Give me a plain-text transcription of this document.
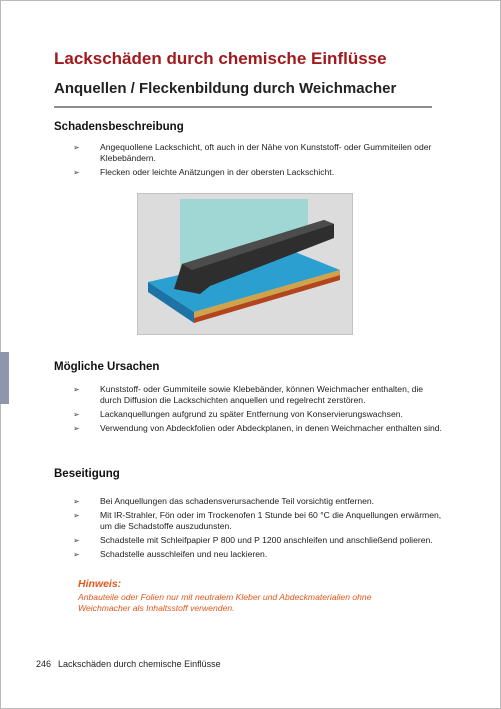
Lackschäden durch chemische Einflüsse
Anquellen / Fleckenbildung durch Weichmacher
Schadensbeschreibung
➢ Angequollene Lackschicht, oft auch in der Nähe von Kunststoff- oder Gummiteilen oder Klebebändern.
➢ Flecken oder leichte Anätzungen in der obersten Lackschicht.
Mögliche Ursachen
➢ Kunststoff- oder Gummiteile sowie Klebebänder, können Weichmacher enthalten, die durch Diffusion die Lackschichten anquellen und regelrecht zerstören.
➢ Lackanquellungen aufgrund zu später Entfernung von Konservierungswachsen.
➢ Verwendung von Abdeckfolien oder Abdeckplanen, in denen Weichmacher enthalten sind.
Beseitigung
➢ Bei Anquellungen das schadensverursachende Teil vorsichtig entfernen.
➢ Mit IR-Strahler, Fön oder im Trockenofen 1 Stunde bei 60 °C die Anquellungen erwärmen, um die Schadstoffe auszudunsten.
➢ Schadstelle mit Schleifpapier P 800 und P 1200 anschleifen und anschließend polieren.
➢ Schadstelle ausschleifen und neu lackieren.
Hinweis:
Anbauteile oder Folien nur mit neutralem Kleber und Abdeckmaterialien ohne Weichmacher als Inhaltsstoff verwenden.
246 Lackschäden durch chemische Einflüsse
